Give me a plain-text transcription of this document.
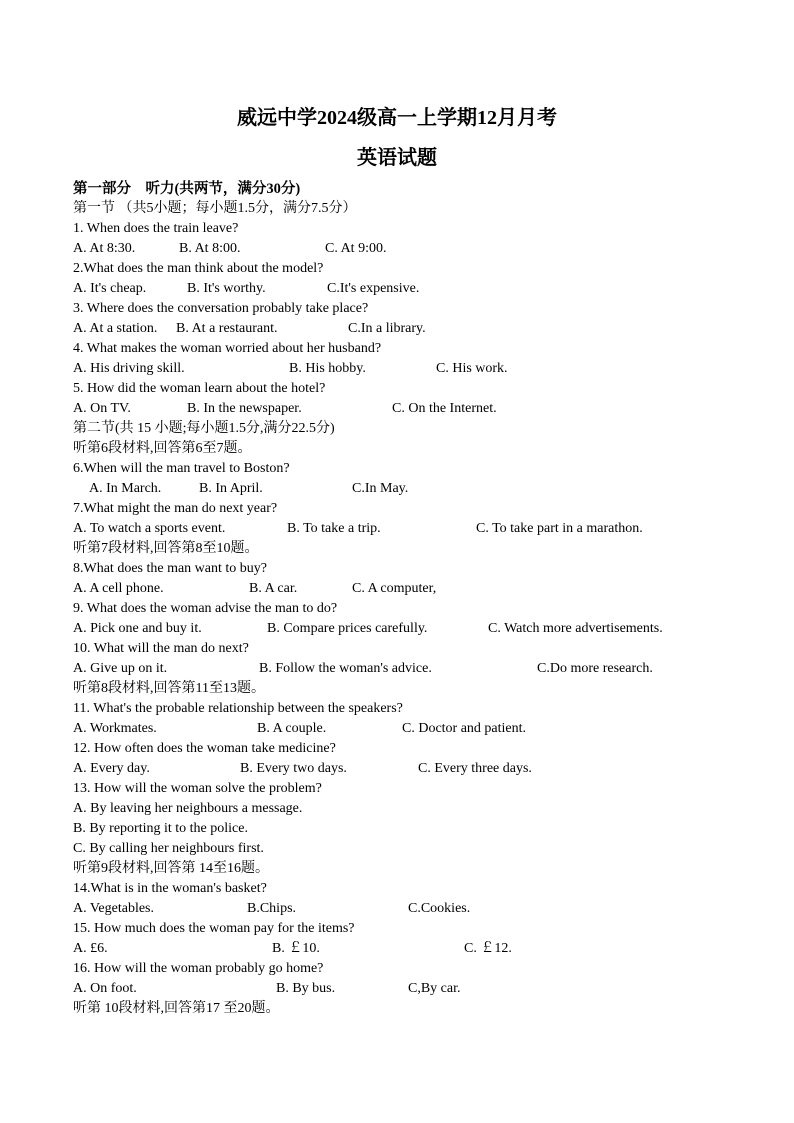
威远中学2024级高一上学期12月月考
英语试题
第一部分　听力(共两节，满分30分)
第一节 （共5小题；每小题1.5分，满分7.5分）
1. When does the train leave?
A. At 8:30.	B. At 8:00.	C. At 9:00.
2.What does the man think about the model?
A. It's cheap.	B. It's worthy.	C.It's expensive.
3. Where does the conversation probably take place?
A. At a station. B. At a restaurant.	C.In a library.
4. What makes the woman worried about her husband?
A. His driving skill.	B. His hobby.	C. His work.
5. How did the woman learn about the hotel?
A. On TV.	B. In the newspaper.	C. On the Internet.
第二节(共 15 小题;每小题1.5分,满分22.5分)
听第6段材料,回答第6至7题。
6.When will the man travel to Boston?
A. In March.	B. In April.	C.In May.
7.What might the man do next year?
A. To watch a sports event.	B. To take a trip.	C. To take part in a marathon.
听第7段材料,回答第8至10题。
8.What does the man want to buy?
A. A cell phone.	B. A car.	C. A computer,
9. What does the woman advise the man to do?
A. Pick one and buy it.	B. Compare prices carefully.	C. Watch more advertisements.
10. What will the man do next?
A. Give up on it.	B. Follow the woman's advice.	C.Do more research.
听第8段材料,回答第11至13题。
11. What's the probable relationship between the speakers?
A. Workmates.	B. A couple.	C. Doctor and patient.
12. How often does the woman take medicine?
A. Every day.	B. Every two days.	C. Every three days.
13. How will the woman solve the problem?
A. By leaving her neighbours a message.
B. By reporting it to the police.
C. By calling her neighbours first.
听第9段材料,回答第 14至16题。
14.What is in the woman's basket?
A. Vegetables.	B.Chips.	C.Cookies.
15. How much does the woman pay for the items?
A. £6.	B. ￡10.	C. ￡12.
16. How will the woman probably go home?
A. On foot.	B. By bus.	C,By car.
听第 10段材料,回答第17 至20题。
